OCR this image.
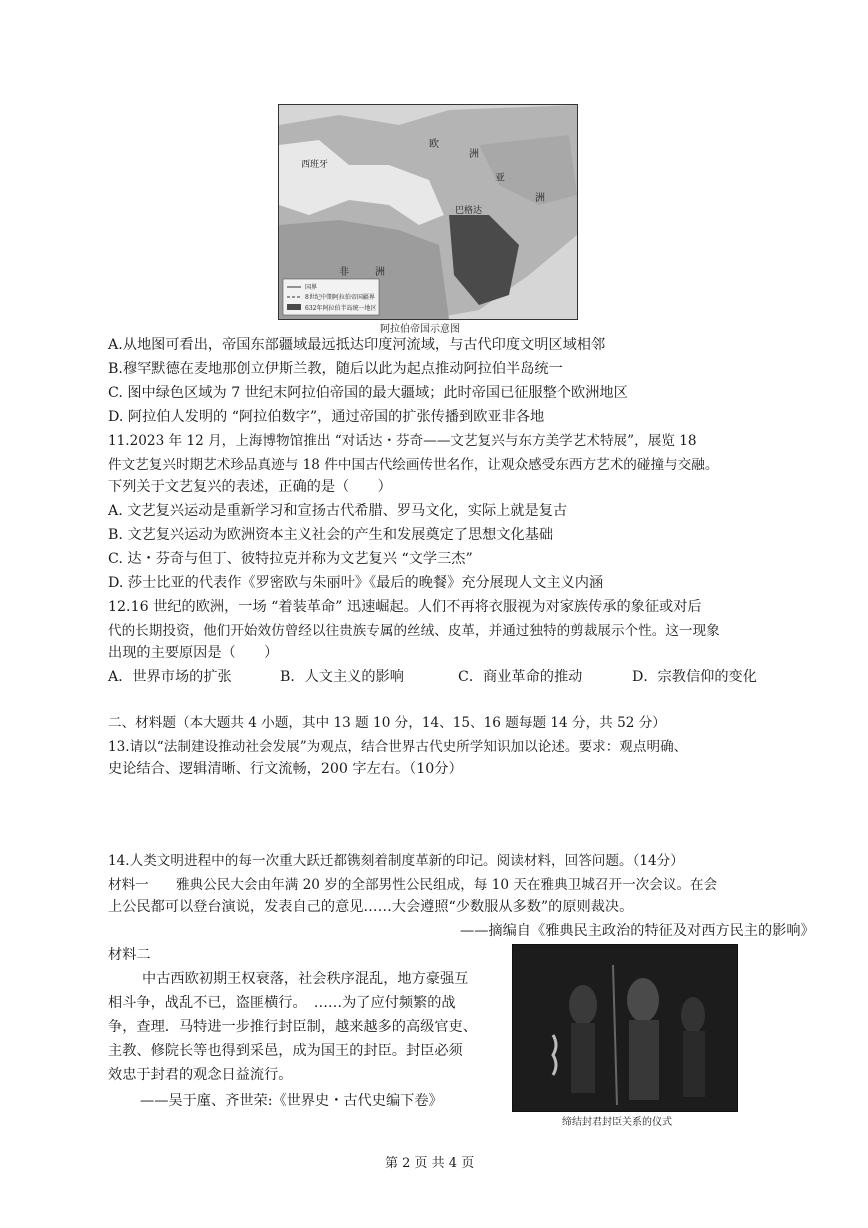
欧
洲
西班牙
亚
洲
巴格达
非	洲
国界
8世纪中期阿拉伯帝国疆界
632年阿拉伯半岛统一地区
阿拉伯帝国示意图
A.从地图可看出，帝国东部疆域最远抵达印度河流域，与古代印度文明区域相邻
B.穆罕默德在麦地那创立伊斯兰教，随后以此为起点推动阿拉伯半岛统一
C. 图中绿色区域为 7 世纪末阿拉伯帝国的最大疆域；此时帝国已征服整个欧洲地区
D. 阿拉伯人发明的 “阿拉伯数字”，通过帝国的扩张传播到欧亚非各地
11.2023 年 12 月，上海博物馆推出 “对话达・芬奇——文艺复兴与东方美学艺术特展”，展览 18
件文艺复兴时期艺术珍品真迹与 18 件中国古代绘画传世名作，让观众感受东西方艺术的碰撞与交融。
下列关于文艺复兴的表述，正确的是（　　）
A. 文艺复兴运动是重新学习和宣扬古代希腊、罗马文化，实际上就是复古
B. 文艺复兴运动为欧洲资本主义社会的产生和发展奠定了思想文化基础
C. 达・芬奇与但丁、彼特拉克并称为文艺复兴 “文学三杰”
D. 莎士比亚的代表作《罗密欧与朱丽叶》《最后的晚餐》充分展现人文主义内涵
12.16 世纪的欧洲，一场 “着装革命” 迅速崛起。人们不再将衣服视为对家族传承的象征或对后
代的长期投资，他们开始效仿曾经以往贵族专属的丝绒、皮革，并通过独特的剪裁展示个性。这一现象
出现的主要原因是（　　）
A．世界市场的扩张	B．人文主义的影响	C．商业革命的推动	D．宗教信仰的变化
二、材料题（本大题共 4 小题，其中 13 题 10 分，14、15、16 题每题 14 分，共 52 分）
13.请以“法制建设推动社会发展”为观点，结合世界古代史所学知识加以论述。要求：观点明确、
史论结合、逻辑清晰、行文流畅，200 字左右。（10分）
14.人类文明进程中的每一次重大跃迁都镌刻着制度革新的印记。阅读材料，回答问题。（14分）
材料一　　雅典公民大会由年满 20 岁的全部男性公民组成，每 10 天在雅典卫城召开一次会议。在会
上公民都可以登台演说，发表自己的意见……大会遵照“少数服从多数”的原则裁决。
——摘编自《雅典民主政治的特征及对西方民主的影响》
材料二
中古西欧初期王权衰落，社会秩序混乱，地方豪强互
相斗争，战乱不已，盗匪横行。　……为了应付频繁的战
争，查理．马特进一步推行封臣制，越来越多的高级官吏、
主教、修院长等也得到采邑，成为国王的封臣。封臣必须
效忠于封君的观念日益流行。
——吴于廑、齐世荣:《世界史・古代史编下卷》
缔结封君封臣关系的仪式
第 2 页 共 4 页
